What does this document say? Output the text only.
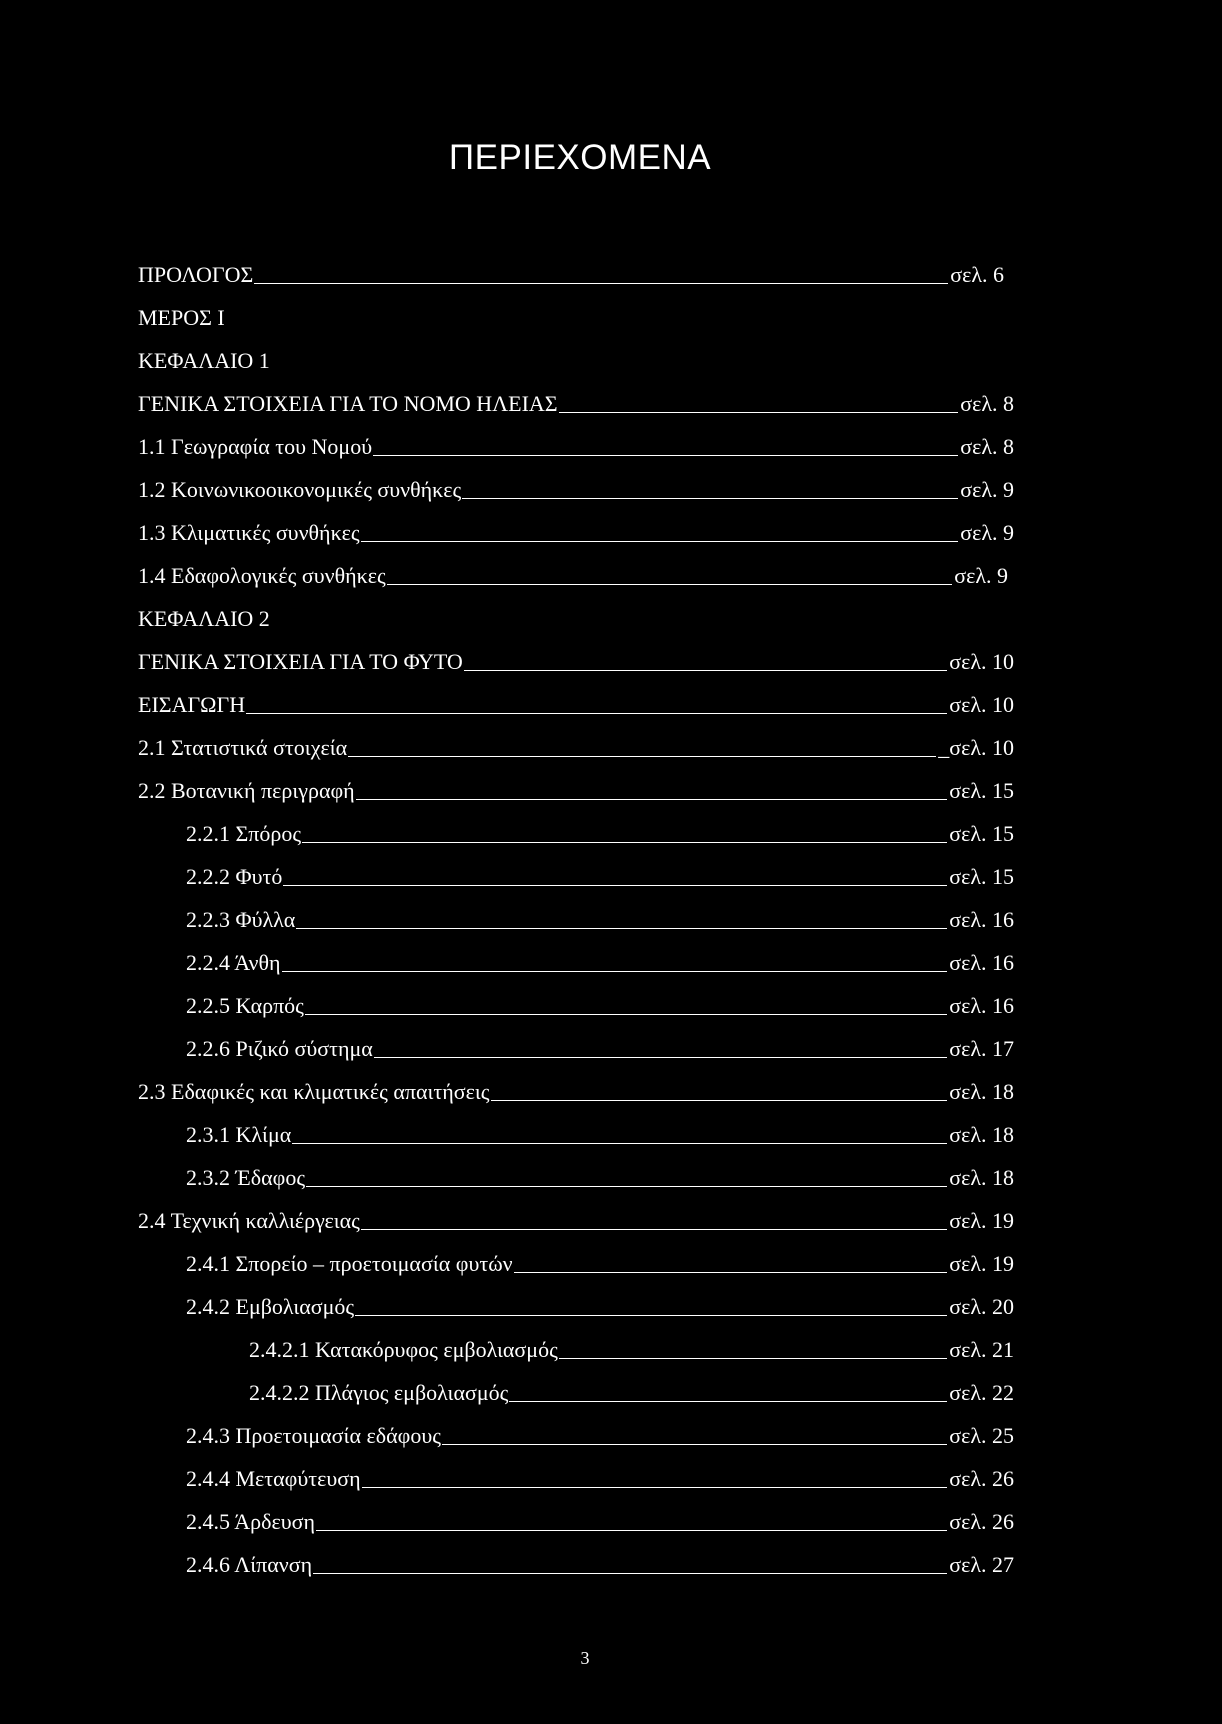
ΠΕΡΙΕΧΟΜΕΝΑ
ΠΡΟΛΟΓΟΣ	σελ. 6
ΜΕΡΟΣ Ι
ΚΕΦΑΛΑΙΟ 1
ΓΕΝΙΚΑ ΣΤΟΙΧΕΙΑ ΓΙΑ ΤΟ ΝΟΜΟ ΗΛΕΙΑΣ	σελ. 8
1.1 Γεωγραφία του Νομού	σελ. 8
1.2 Κοινωνικοοικονομικές συνθήκες	σελ. 9
1.3 Κλιματικές συνθήκες	σελ. 9
1.4 Εδαφολογικές συνθήκες	σελ. 9
ΚΕΦΑΛΑΙΟ 2
ΓΕΝΙΚΑ ΣΤΟΙΧΕΙΑ ΓΙΑ ΤΟ ΦΥΤΟ	σελ. 10
ΕΙΣΑΓΩΓΗ	σελ. 10
2.1 Στατιστικά στοιχεία	_σελ. 10
2.2 Βοτανική περιγραφή	σελ. 15
2.2.1 Σπόρος	σελ. 15
2.2.2 Φυτό	σελ. 15
2.2.3 Φύλλα	σελ. 16
2.2.4 Άνθη	σελ. 16
2.2.5 Καρπός	σελ. 16
2.2.6 Ριζικό σύστημα	σελ. 17
2.3 Εδαφικές και κλιματικές απαιτήσεις	σελ. 18
2.3.1 Κλίμα	σελ. 18
2.3.2 Έδαφος	σελ. 18
2.4 Τεχνική καλλιέργειας	σελ. 19
2.4.1 Σπορείο – προετοιμασία φυτών	σελ. 19
2.4.2 Εμβολιασμός	σελ. 20
2.4.2.1 Κατακόρυφος εμβολιασμός	σελ. 21
2.4.2.2 Πλάγιος εμβολιασμός	σελ. 22
2.4.3 Προετοιμασία εδάφους	σελ. 25
2.4.4 Μεταφύτευση	σελ. 26
2.4.5 Άρδευση	σελ. 26
2.4.6 Λίπανση	σελ. 27
3
